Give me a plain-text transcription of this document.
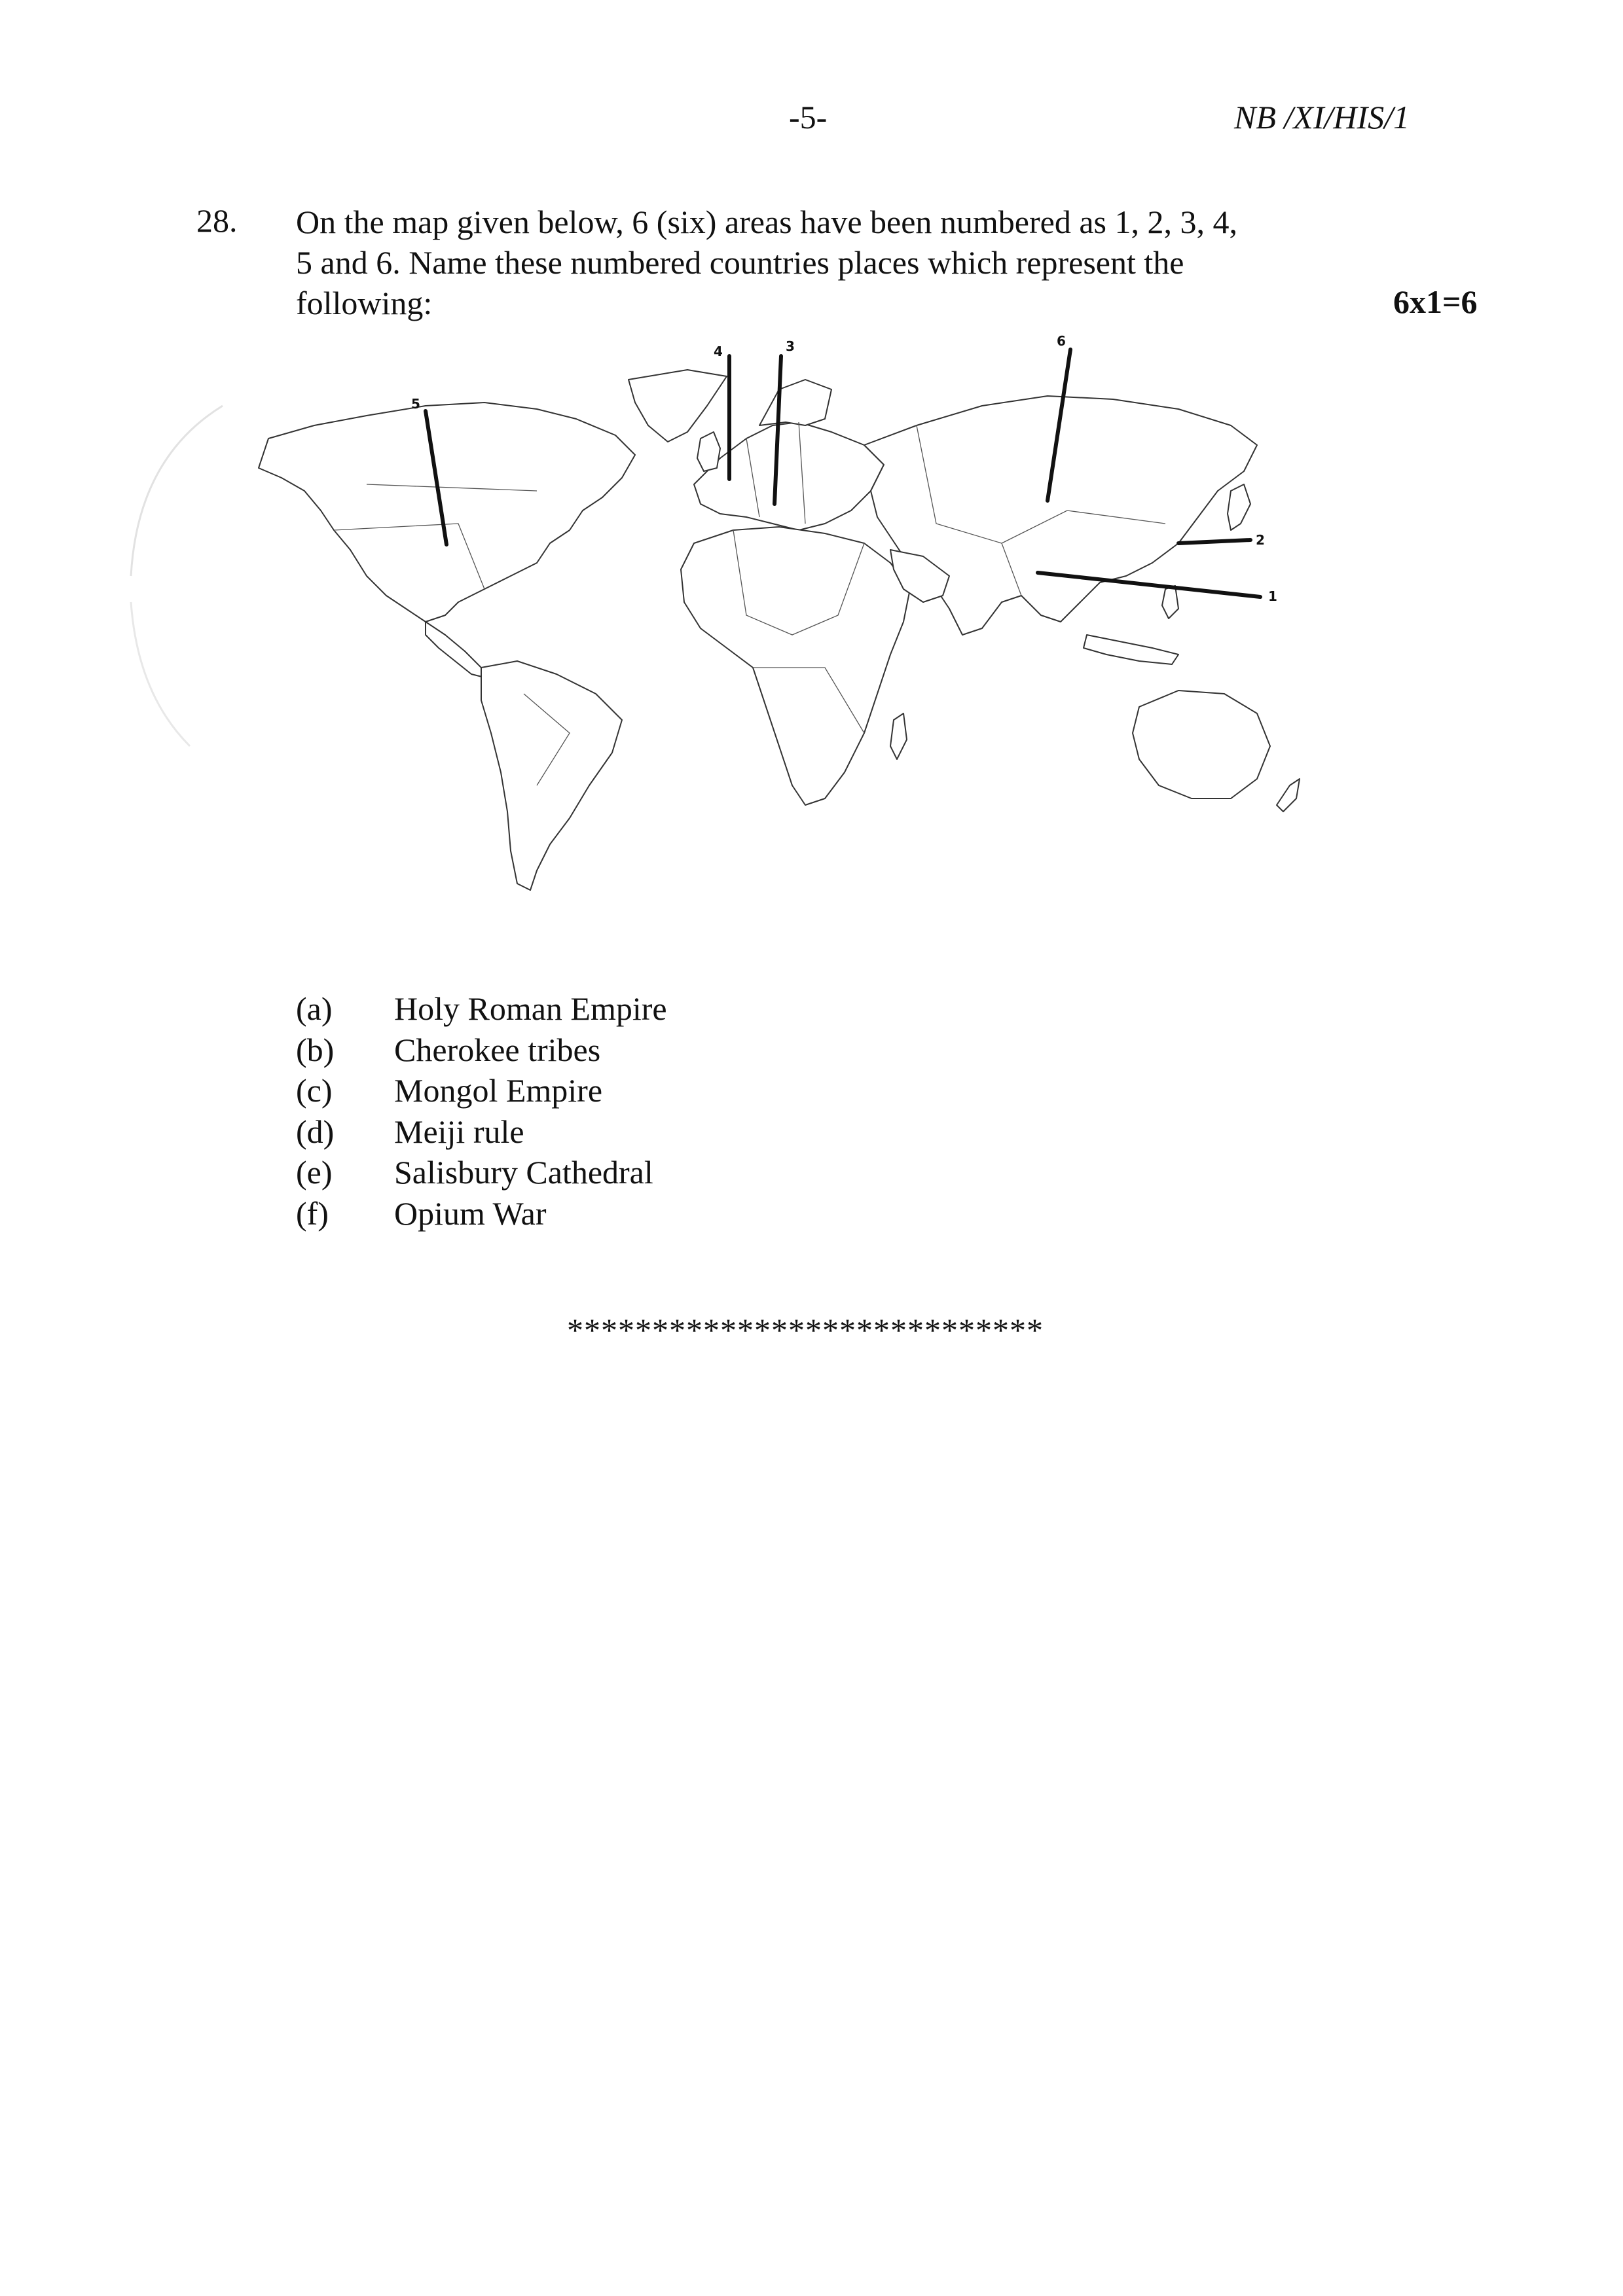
-5-	NB /XI/HIS/1
28. On the map given below, 6 (six) areas have been numbered as 1, 2, 3, 4,
5 and 6. Name these numbered countries places which represent the
following:	6x1=6
1
2
3
4
5
6
(a)	Holy Roman Empire
(b)	Cherokee tribes
(c)	Mongol Empire
(d)	Meiji rule
(e)	Salisbury Cathedral
(f)	Opium War
****************************
